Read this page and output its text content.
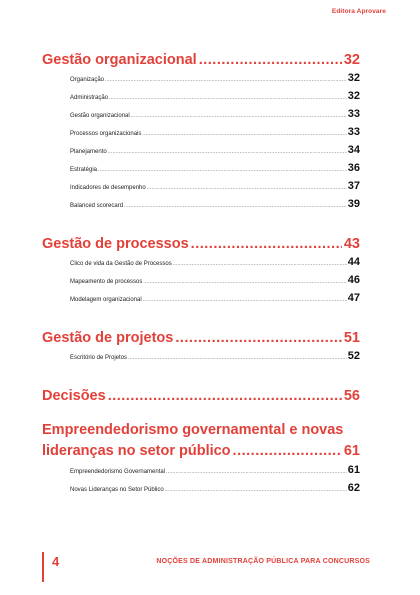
Editora Aprovare
Gestão organizacional .....	32
Organização .....	32
Administração .....	32
Gestão organizacional .....	33
Processos organizacionais .....	33
Planejamento .....	34
Estratégia .....	36
Indicadores de desempenho .....	37
Balanced scorecard .....	39
Gestão de processos .....	43
Clico de vida da Gestão de Processos .....	44
Mapeamento de processos .....	46
Modelagem organizacional .....	47
Gestão de projetos .....	51
Escritório de Projetos .....	52
Decisões .....	56
Empreendedorismo governamental e novas
lideranças no setor público .....	61
Empreendedorismo Governamental .....	61
Novas Lideranças no Setor Público .....	62
4	NOÇÕES DE ADMINISTRAÇÃO PÚBLICA PARA CONCURSOS
